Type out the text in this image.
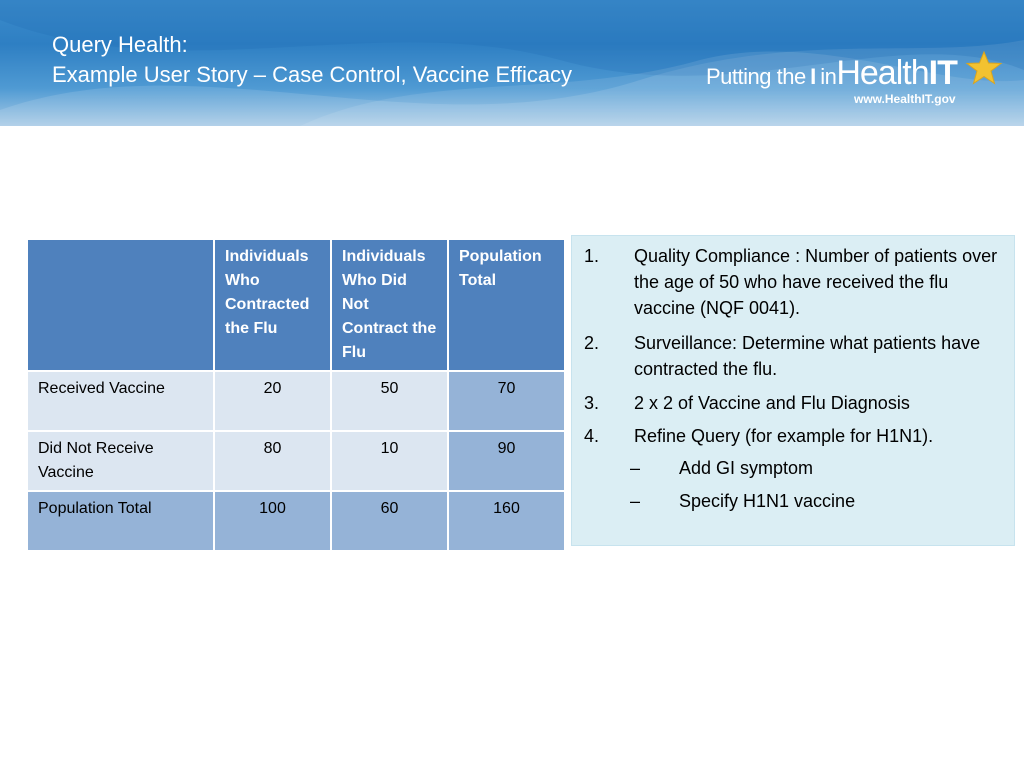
Query Health:
Example User Story – Case Control, Vaccine Efficacy	Putting the I inHealthIT
www.HealthIT.gov
	Individuals Who Contracted the Flu	Individuals Who Did Not Contract the Flu	Population Total
Received Vaccine	20	50	70
Did Not Receive Vaccine	80	10	90
Population Total	100	60	160
1. Quality Compliance : Number of patients over the age of 50 who have received the flu vaccine (NQF 0041).
2. Surveillance: Determine what patients have contracted the flu.
3. 2 x 2 of Vaccine and Flu Diagnosis
4. Refine Query (for example for H1N1).
– Add GI symptom
– Specify H1N1 vaccine
